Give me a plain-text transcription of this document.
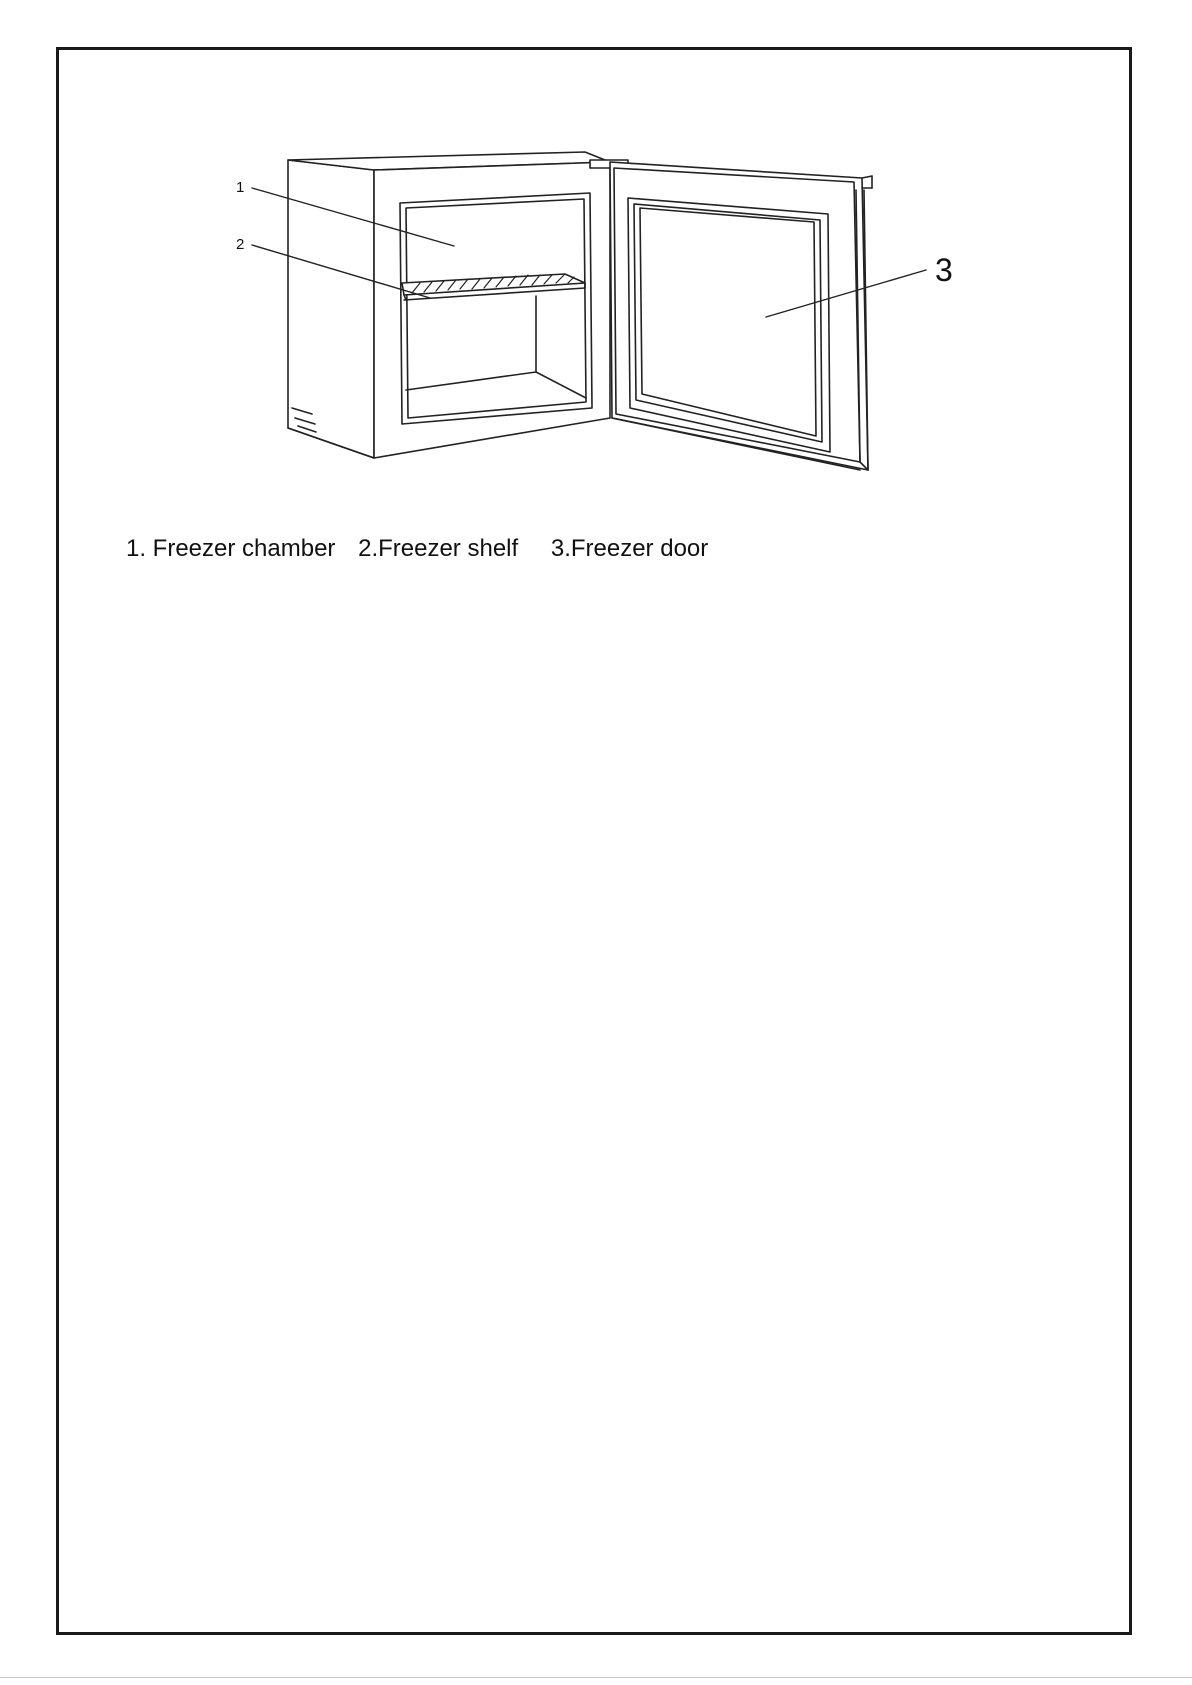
1
2
3
1. Freezer chamber 2.Freezer shelf 3.Freezer door
